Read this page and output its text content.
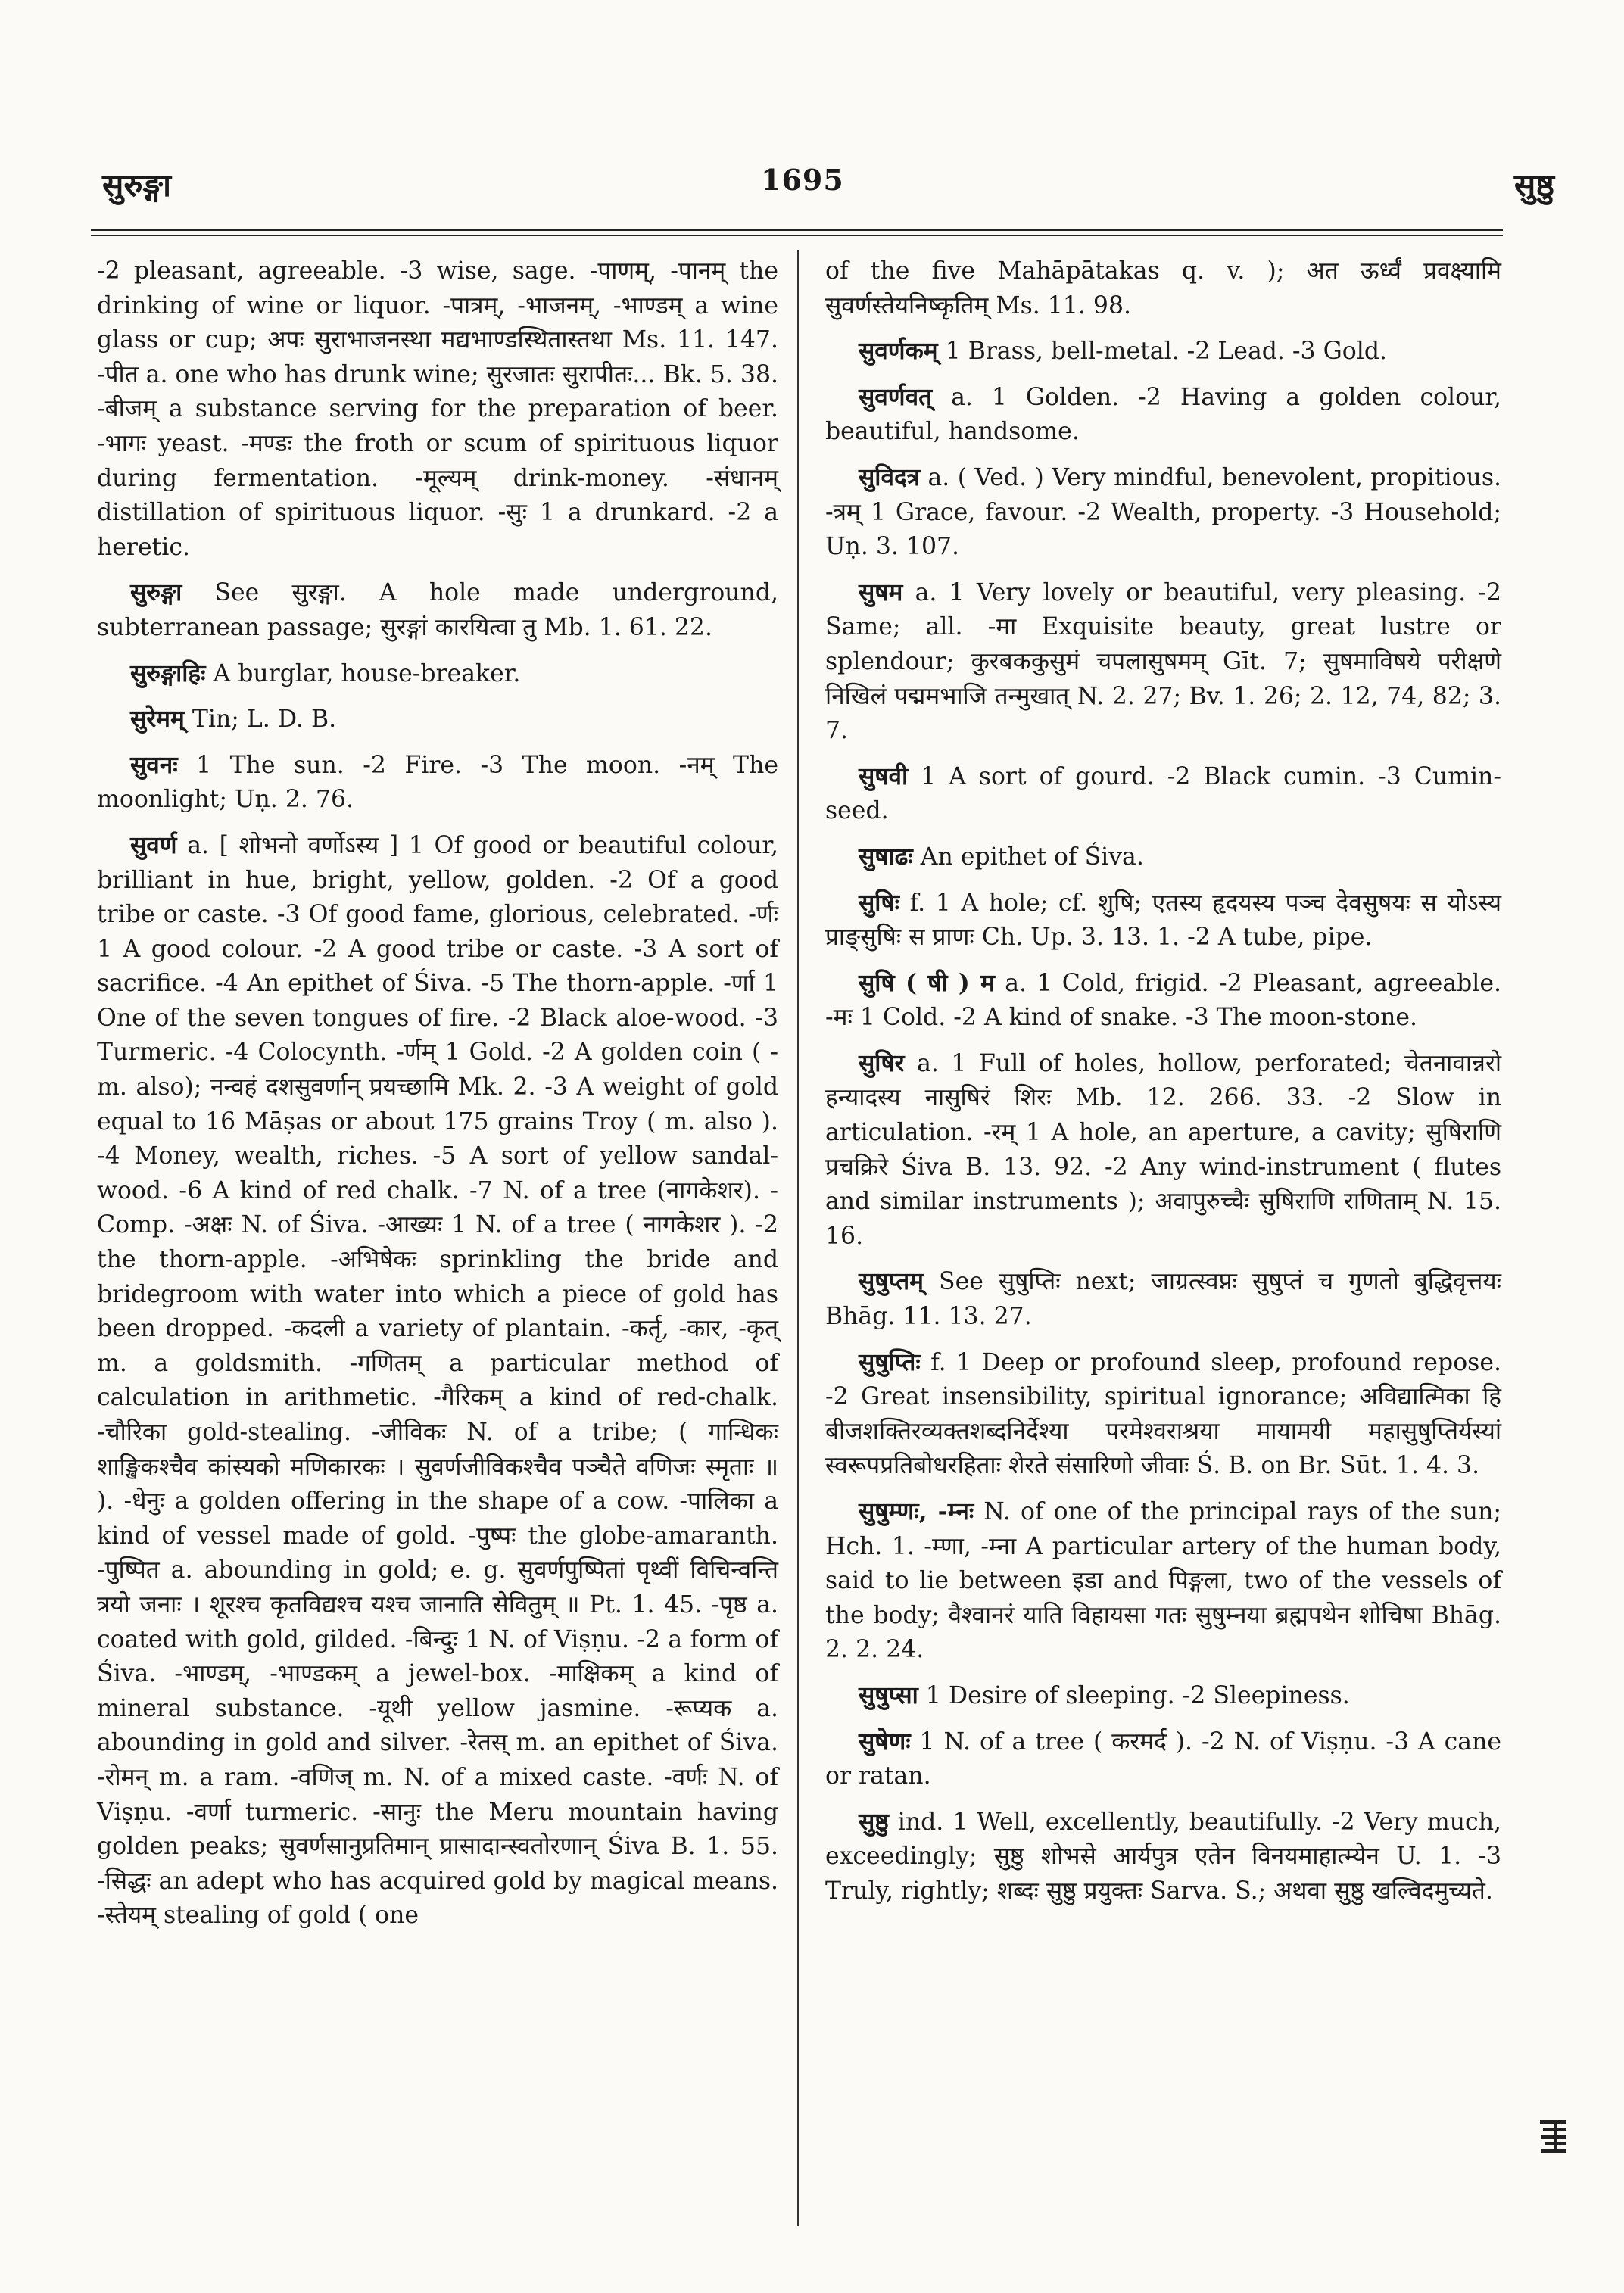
सुरुङ्गा	1695	सुष्ठु

-2 pleasant, agreeable. -3 wise, sage. -पाणम्, -पानम् the drinking of wine or liquor. -पात्रम्, -भाजनम्, -भाण्डम् a wine glass or cup; अपः सुराभाजनस्था मद्यभाण्डस्थितास्तथा Ms. 11. 147. -पीत a. one who has drunk wine; सुरजातः सुरापीतः... Bk. 5. 38. -बीजम् a substance serving for the preparation of beer. -भागः yeast. -मण्डः the froth or scum of spirituous liquor during fermentation. -मूल्यम् drink-money. -संधानम् distillation of spirituous liquor. -सुः 1 a drunkard. -2 a heretic.

सुरुङ्गा See सुरङ्गा. A hole made underground, subterranean passage; सुरङ्गां कारयित्वा तु Mb. 1. 61. 22.

सुरुङ्गाहिः A burglar, house-breaker.

सुरेमम् Tin; L. D. B.

सुवनः 1 The sun. -2 Fire. -3 The moon. -नम् The moonlight; Uṇ. 2. 76.

सुवर्ण a. [ शोभनो वर्णोऽस्य ] 1 Of good or beautiful colour, brilliant in hue, bright, yellow, golden. -2 Of a good tribe or caste. -3 Of good fame, glorious, celebrated. -र्णः 1 A good colour. -2 A good tribe or caste. -3 A sort of sacrifice. -4 An epithet of Śiva. -5 The thorn-apple. -र्णा 1 One of the seven tongues of fire. -2 Black aloe-wood. -3 Turmeric. -4 Colocynth. -र्णम् 1 Gold. -2 A golden coin ( -m. also); नन्वहं दशसुवर्णान् प्रयच्छामि Mk. 2. -3 A weight of gold equal to 16 Māṣas or about 175 grains Troy ( m. also ). -4 Money, wealth, riches. -5 A sort of yellow sandal-wood. -6 A kind of red chalk. -7 N. of a tree (नागकेशर). -Comp. -अक्षः N. of Śiva. -आख्यः 1 N. of a tree ( नागकेशर ). -2 the thorn-apple. -अभिषेकः sprinkling the bride and bridegroom with water into which a piece of gold has been dropped. -कदली a variety of plantain. -कर्तृ, -कार, -कृत् m. a goldsmith. -गणितम् a particular method of calculation in arithmetic. -गैरिकम् a kind of red-chalk. -चौरिका gold-stealing. -जीविकः N. of a tribe; ( गान्धिकः शाङ्खिकश्चैव कांस्यको मणिकारकः । सुवर्णजीविकश्चैव पञ्चैते वणिजः स्मृताः ॥ ). -धेनुः a golden offering in the shape of a cow. -पालिका a kind of vessel made of gold. -पुष्पः the globe-amaranth. -पुष्पित a. abounding in gold; e. g. सुवर्णपुष्पितां पृथ्वीं विचिन्वन्ति त्रयो जनाः । शूरश्च कृतविद्यश्च यश्च जानाति सेवितुम् ॥ Pt. 1. 45. -पृष्ठ a. coated with gold, gilded. -बिन्दुः 1 N. of Viṣṇu. -2 a form of Śiva. -भाण्डम्, -भाण्डकम् a jewel-box. -माक्षिकम् a kind of mineral substance. -यूथी yellow jasmine. -रूप्यक a. abounding in gold and silver. -रेतस् m. an epithet of Śiva. -रोमन् m. a ram. -वणिज् m. N. of a mixed caste. -वर्णः N. of Viṣṇu. -वर्णा turmeric. -सानुः the Meru mountain having golden peaks; सुवर्णसानुप्रतिमान् प्रासादान्स्वतोरणान् Śiva B. 1. 55. -सिद्धः an adept who has acquired gold by magical means. -स्तेयम् stealing of gold ( one

of the five Mahāpātakas q. v. ); अत ऊर्ध्वं प्रवक्ष्यामि सुवर्णस्तेयनिष्कृतिम् Ms. 11. 98.

सुवर्णकम् 1 Brass, bell-metal. -2 Lead. -3 Gold.

सुवर्णवत् a. 1 Golden. -2 Having a golden colour, beautiful, handsome.

सुविदत्र a. ( Ved. ) Very mindful, benevolent, propitious. -त्रम् 1 Grace, favour. -2 Wealth, property. -3 Household; Uṇ. 3. 107.

सुषम a. 1 Very lovely or beautiful, very pleasing. -2 Same; all. -मा Exquisite beauty, great lustre or splendour; कुरबककुसुमं चपलासुषमम् Gīt. 7; सुषमाविषये परीक्षणे निखिलं पद्ममभाजि तन्मुखात् N. 2. 27; Bv. 1. 26; 2. 12, 74, 82; 3. 7.

सुषवी 1 A sort of gourd. -2 Black cumin. -3 Cumin-seed.

सुषाढः An epithet of Śiva.

सुषिः f. 1 A hole; cf. शुषि; एतस्य हृदयस्य पञ्च देवसुषयः स योऽस्य प्राङ्सुषिः स प्राणः Ch. Up. 3. 13. 1. -2 A tube, pipe.

सुषि ( षी ) म a. 1 Cold, frigid. -2 Pleasant, agreeable. -मः 1 Cold. -2 A kind of snake. -3 The moon-stone.

सुषिर a. 1 Full of holes, hollow, perforated; चेतनावान्नरो हन्यादस्य नासुषिरं शिरः Mb. 12. 266. 33. -2 Slow in articulation. -रम् 1 A hole, an aperture, a cavity; सुषिराणि प्रचक्रिरे Śiva B. 13. 92. -2 Any wind-instrument ( flutes and similar instruments ); अवापुरुच्चैः सुषिराणि राणिताम् N. 15. 16.

सुषुप्तम् See सुषुप्तिः next; जाग्रत्स्वप्नः सुषुप्तं च गुणतो बुद्धिवृत्तयः Bhāg. 11. 13. 27.

सुषुप्तिः f. 1 Deep or profound sleep, profound repose. -2 Great insensibility, spiritual ignorance; अविद्यात्मिका हि बीजशक्तिरव्यक्तशब्दनिर्देश्या परमेश्वराश्रया मायामयी महासुषुप्तिर्यस्यां स्वरूपप्रतिबोधरहिताः शेरते संसारिणो जीवाः Ś. B. on Br. Sūt. 1. 4. 3.

सुषुम्णः, -म्नः N. of one of the principal rays of the sun; Hch. 1. -म्णा, -म्ना A particular artery of the human body, said to lie between इडा and पिङ्गला, two of the vessels of the body; वैश्वानरं याति विहायसा गतः सुषुम्नया ब्रह्मपथेन शोचिषा Bhāg. 2. 2. 24.

सुषुप्सा 1 Desire of sleeping. -2 Sleepiness.

सुषेणः 1 N. of a tree ( करमर्द ). -2 N. of Viṣṇu. -3 A cane or ratan.

सुष्ठु ind. 1 Well, excellently, beautifully. -2 Very much, exceedingly; सुष्ठु शोभसे आर्यपुत्र एतेन विनयमाहात्म्येन U. 1. -3 Truly, rightly; शब्दः सुष्ठु प्रयुक्तः Sarva. S.; अथवा सुष्ठु खल्विदमुच्यते.
